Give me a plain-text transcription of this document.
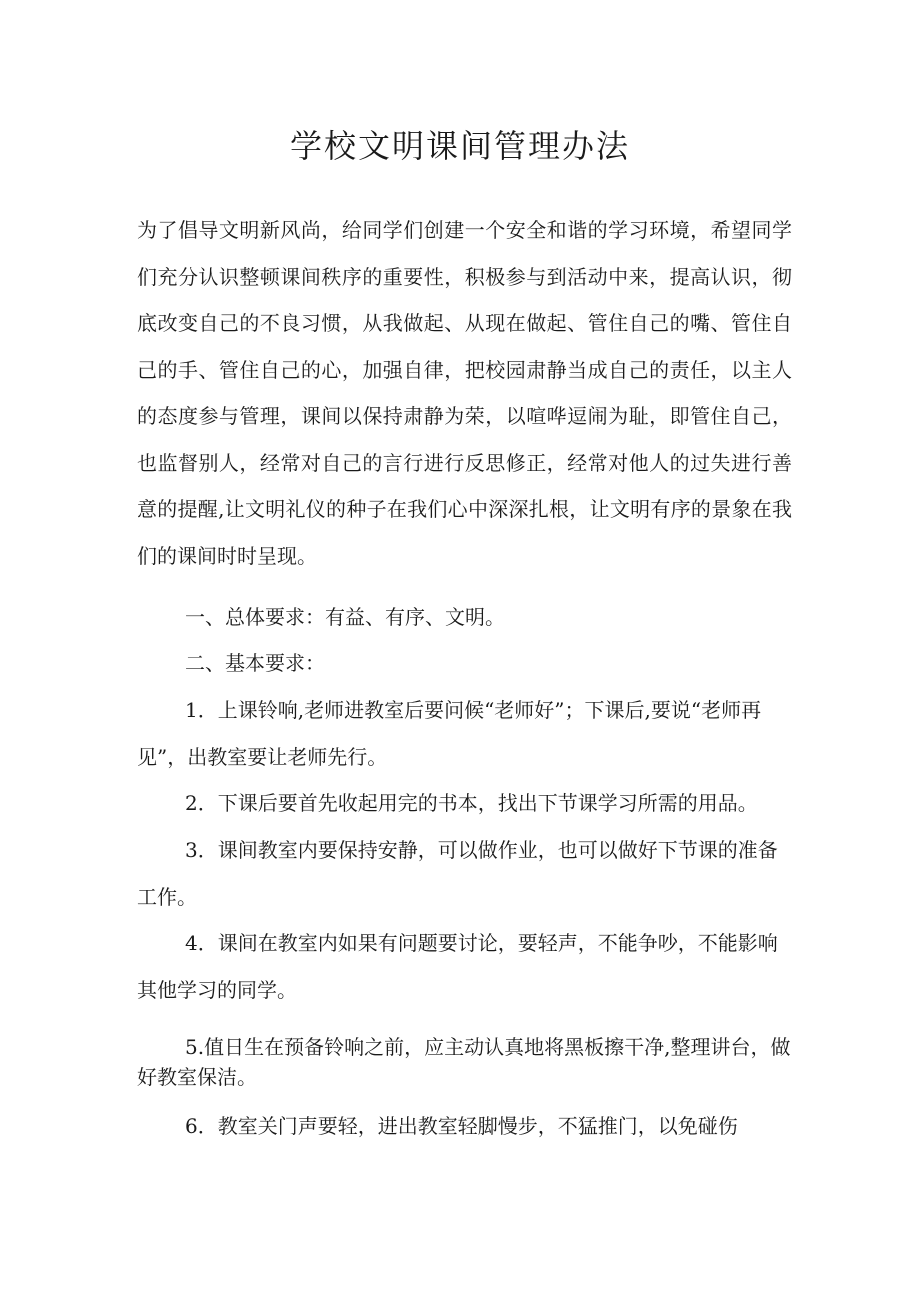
学校文明课间管理办法

为了倡导文明新风尚，给同学们创建一个安全和谐的学习环境，希望同学们充分认识整顿课间秩序的重要性，积极参与到活动中来，提高认识，彻底改变自己的不良习惯，从我做起、从现在做起、管住自己的嘴、管住自己的手、管住自己的心，加强自律，把校园肃静当成自己的责任，以主人的态度参与管理，课间以保持肃静为荣，以喧哗逗闹为耻，即管住自己，也监督别人，经常对自己的言行进行反思修正，经常对他人的过失进行善意的提醒,让文明礼仪的种子在我们心中深深扎根，让文明有序的景象在我们的课间时时呈现。

一、总体要求：有益、有序、文明。

二、基本要求：

1．上课铃响,老师进教室后要问候“老师好”；下课后,要说“老师再见”，出教室要让老师先行。

2．下课后要首先收起用完的书本，找出下节课学习所需的用品。

3．课间教室内要保持安静，可以做作业，也可以做好下节课的准备工作。

4．课间在教室内如果有问题要讨论，要轻声，不能争吵，不能影响其他学习的同学。

5.值日生在预备铃响之前，应主动认真地将黑板擦干净,整理讲台，做好教室保洁。

6．教室关门声要轻，进出教室轻脚慢步，不猛推门，以免碰伤
